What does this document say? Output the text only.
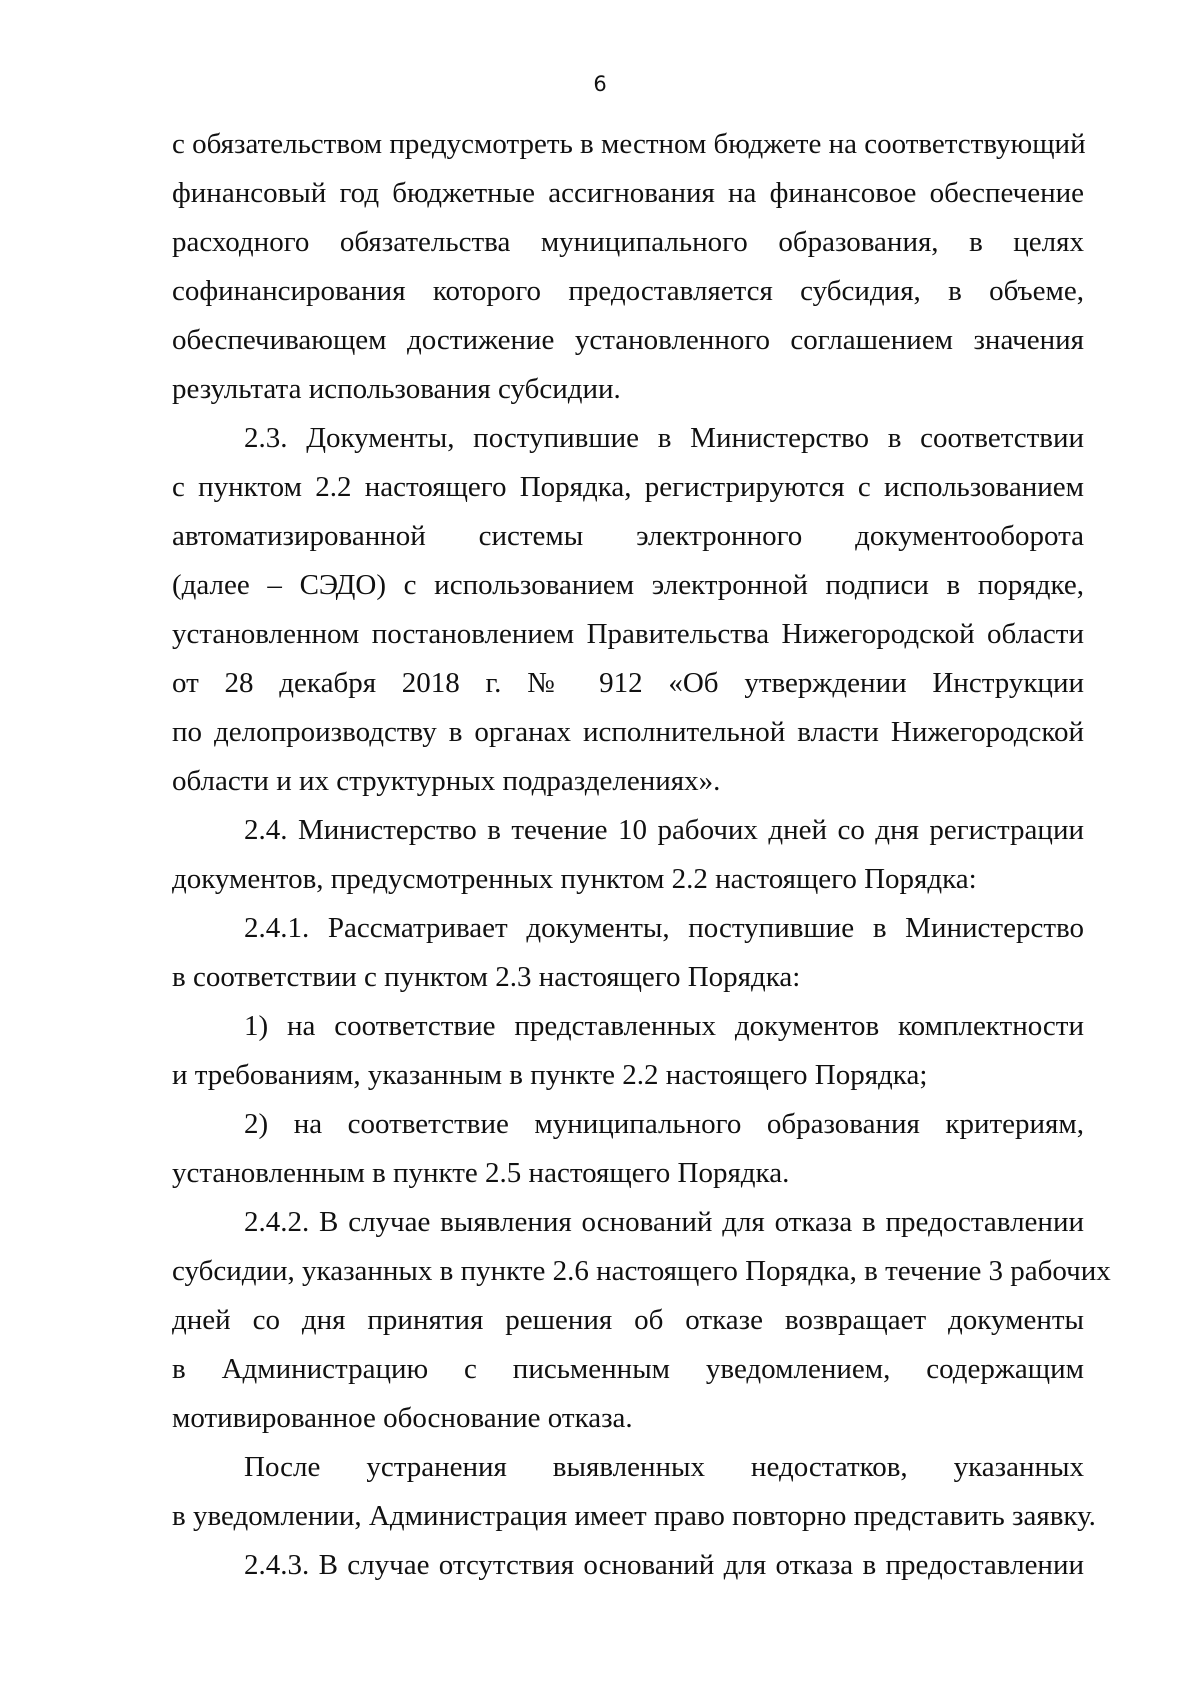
6
с обязательством предусмотреть в местном бюджете на соответствующий
финансовый год бюджетные ассигнования на финансовое обеспечение
расходного обязательства муниципального образования, в целях
софинансирования которого предоставляется субсидия, в объеме,
обеспечивающем достижение установленного соглашением значения
результата использования субсидии.
2.3. Документы, поступившие в Министерство в соответствии
с пунктом 2.2 настоящего Порядка, регистрируются с использованием
автоматизированной системы электронного документооборота
(далее – СЭДО) с использованием электронной подписи в порядке,
установленном постановлением Правительства Нижегородской области
от 28 декабря 2018 г. № 912 «Об утверждении Инструкции
по делопроизводству в органах исполнительной власти Нижегородской
области и их структурных подразделениях».
2.4. Министерство в течение 10 рабочих дней со дня регистрации
документов, предусмотренных пунктом 2.2 настоящего Порядка:
2.4.1. Рассматривает документы, поступившие в Министерство
в соответствии с пунктом 2.3 настоящего Порядка:
1) на соответствие представленных документов комплектности
и требованиям, указанным в пункте 2.2 настоящего Порядка;
2) на соответствие муниципального образования критериям,
установленным в пункте 2.5 настоящего Порядка.
2.4.2. В случае выявления оснований для отказа в предоставлении
субсидии, указанных в пункте 2.6 настоящего Порядка, в течение 3 рабочих
дней со дня принятия решения об отказе возвращает документы
в Администрацию с письменным уведомлением, содержащим
мотивированное обоснование отказа.
После устранения выявленных недостатков, указанных
в уведомлении, Администрация имеет право повторно представить заявку.
2.4.3. В случае отсутствия оснований для отказа в предоставлении
